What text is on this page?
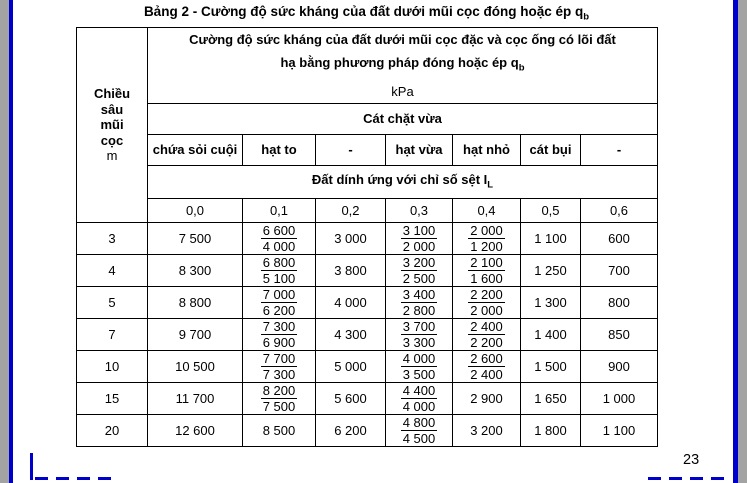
Bảng 2 - Cường độ sức kháng của đất dưới mũi cọc đóng hoặc ép $q_b$
Chiều
sâu
mũi
cọc
m

Cường độ sức kháng của đất dưới mũi cọc đặc và cọc ống có lõi đất
hạ bằng phương pháp đóng hoặc ép $q_b$
kPa

	Cát chặt vừa						
	chứa sỏi cuội	hạt to	-	hạt vừa	hạt nhỏ	cát bụi	-
	Đất dính ứng với chỉ số sệt $I_L$
	0,0	0,1	0,2	0,3	0,4	0,5	0,6
3	7 500	$\frac{6 600}{4 000}$	3 000	$\frac{3 100}{2 000}$	$\frac{2 000}{1 200}$	1 100	600
4	8 300	$\frac{6 800}{5 100}$	3 800	$\frac{3 200}{2 500}$	$\frac{2 100}{1 600}$	1 250	700
5	8 800	$\frac{7 000}{6 200}$	4 000	$\frac{3 400}{2 800}$	$\frac{2 200}{2 000}$	1 300	800
7	9 700	$\frac{7 300}{6 900}$	4 300	$\frac{3 700}{3 300}$	$\frac{2 400}{2 200}$	1 400	850
10	10 500	$\frac{7 700}{7 300}$	5 000	$\frac{4 000}{3 500}$	$\frac{2 600}{2 400}$	1 500	900
15	11 700	$\frac{8 200}{7 500}$	5 600	$\frac{4 400}{4 000}$	2 900	1 650	1 000
20	12 600	8 500	6 200	$\frac{4 800}{4 500}$	3 200	1 800	1 100
23
